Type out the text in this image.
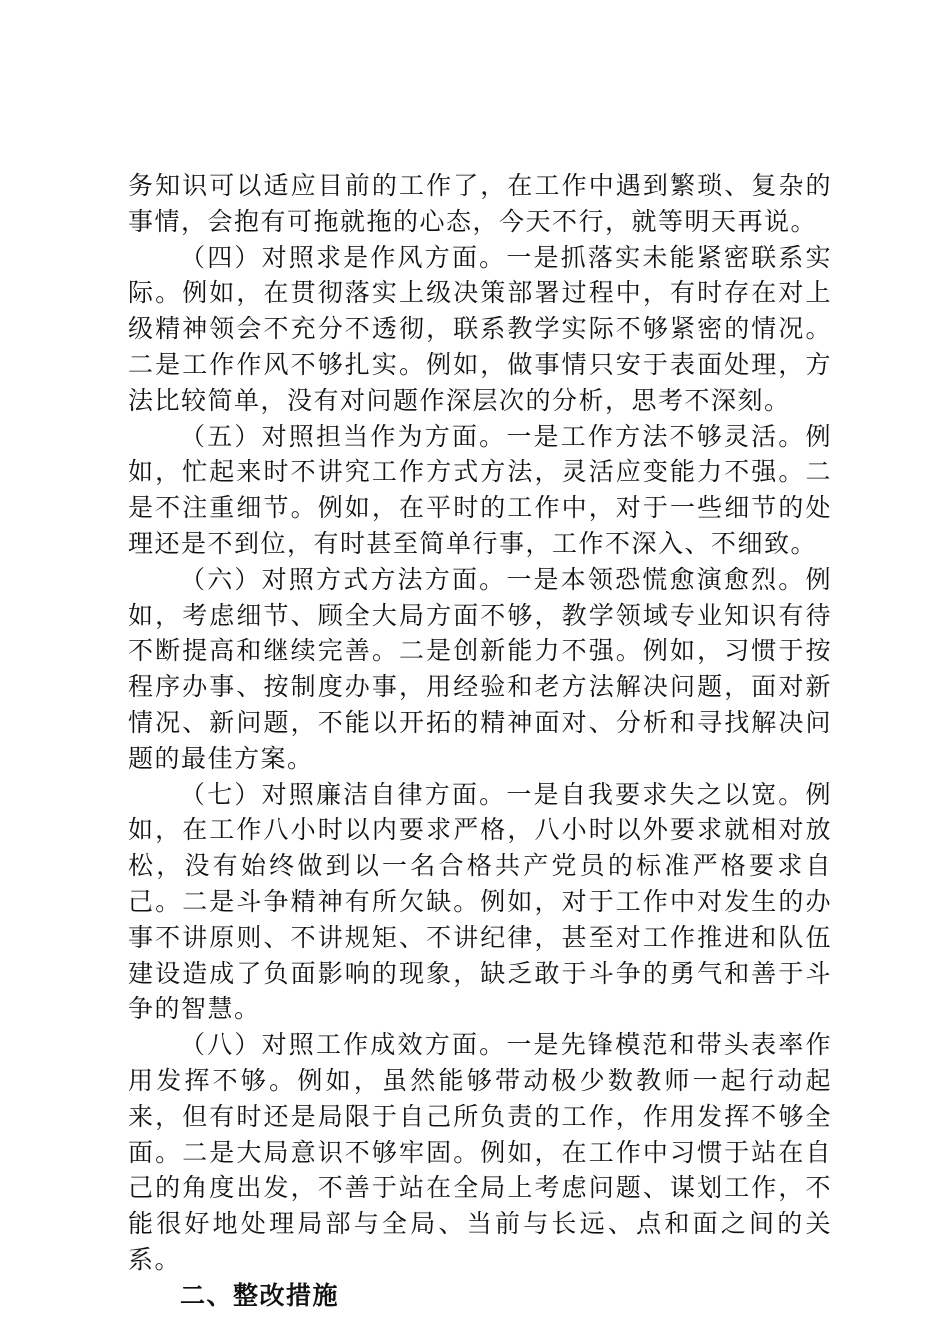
务知识可以适应目前的工作了，在工作中遇到繁琐、复杂的事情，会抱有可拖就拖的心态，今天不行，就等明天再说。

（四）对照求是作风方面。一是抓落实未能紧密联系实际。例如，在贯彻落实上级决策部署过程中，有时存在对上级精神领会不充分不透彻，联系教学实际不够紧密的情况。二是工作作风不够扎实。例如，做事情只安于表面处理，方法比较简单，没有对问题作深层次的分析，思考不深刻。

（五）对照担当作为方面。一是工作方法不够灵活。例如，忙起来时不讲究工作方式方法，灵活应变能力不强。二是不注重细节。例如，在平时的工作中，对于一些细节的处理还是不到位，有时甚至简单行事，工作不深入、不细致。

（六）对照方式方法方面。一是本领恐慌愈演愈烈。例如，考虑细节、顾全大局方面不够，教学领域专业知识有待不断提高和继续完善。二是创新能力不强。例如，习惯于按程序办事、按制度办事，用经验和老方法解决问题，面对新情况、新问题，不能以开拓的精神面对、分析和寻找解决问题的最佳方案。

（七）对照廉洁自律方面。一是自我要求失之以宽。例如，在工作八小时以内要求严格，八小时以外要求就相对放松，没有始终做到以一名合格共产党员的标准严格要求自己。二是斗争精神有所欠缺。例如，对于工作中对发生的办事不讲原则、不讲规矩、不讲纪律，甚至对工作推进和队伍建设造成了负面影响的现象，缺乏敢于斗争的勇气和善于斗争的智慧。

（八）对照工作成效方面。一是先锋模范和带头表率作用发挥不够。例如，虽然能够带动极少数教师一起行动起来，但有时还是局限于自己所负责的工作，作用发挥不够全面。二是大局意识不够牢固。例如，在工作中习惯于站在自己的角度出发，不善于站在全局上考虑问题、谋划工作，不能很好地处理局部与全局、当前与长远、点和面之间的关系。

二、整改措施
